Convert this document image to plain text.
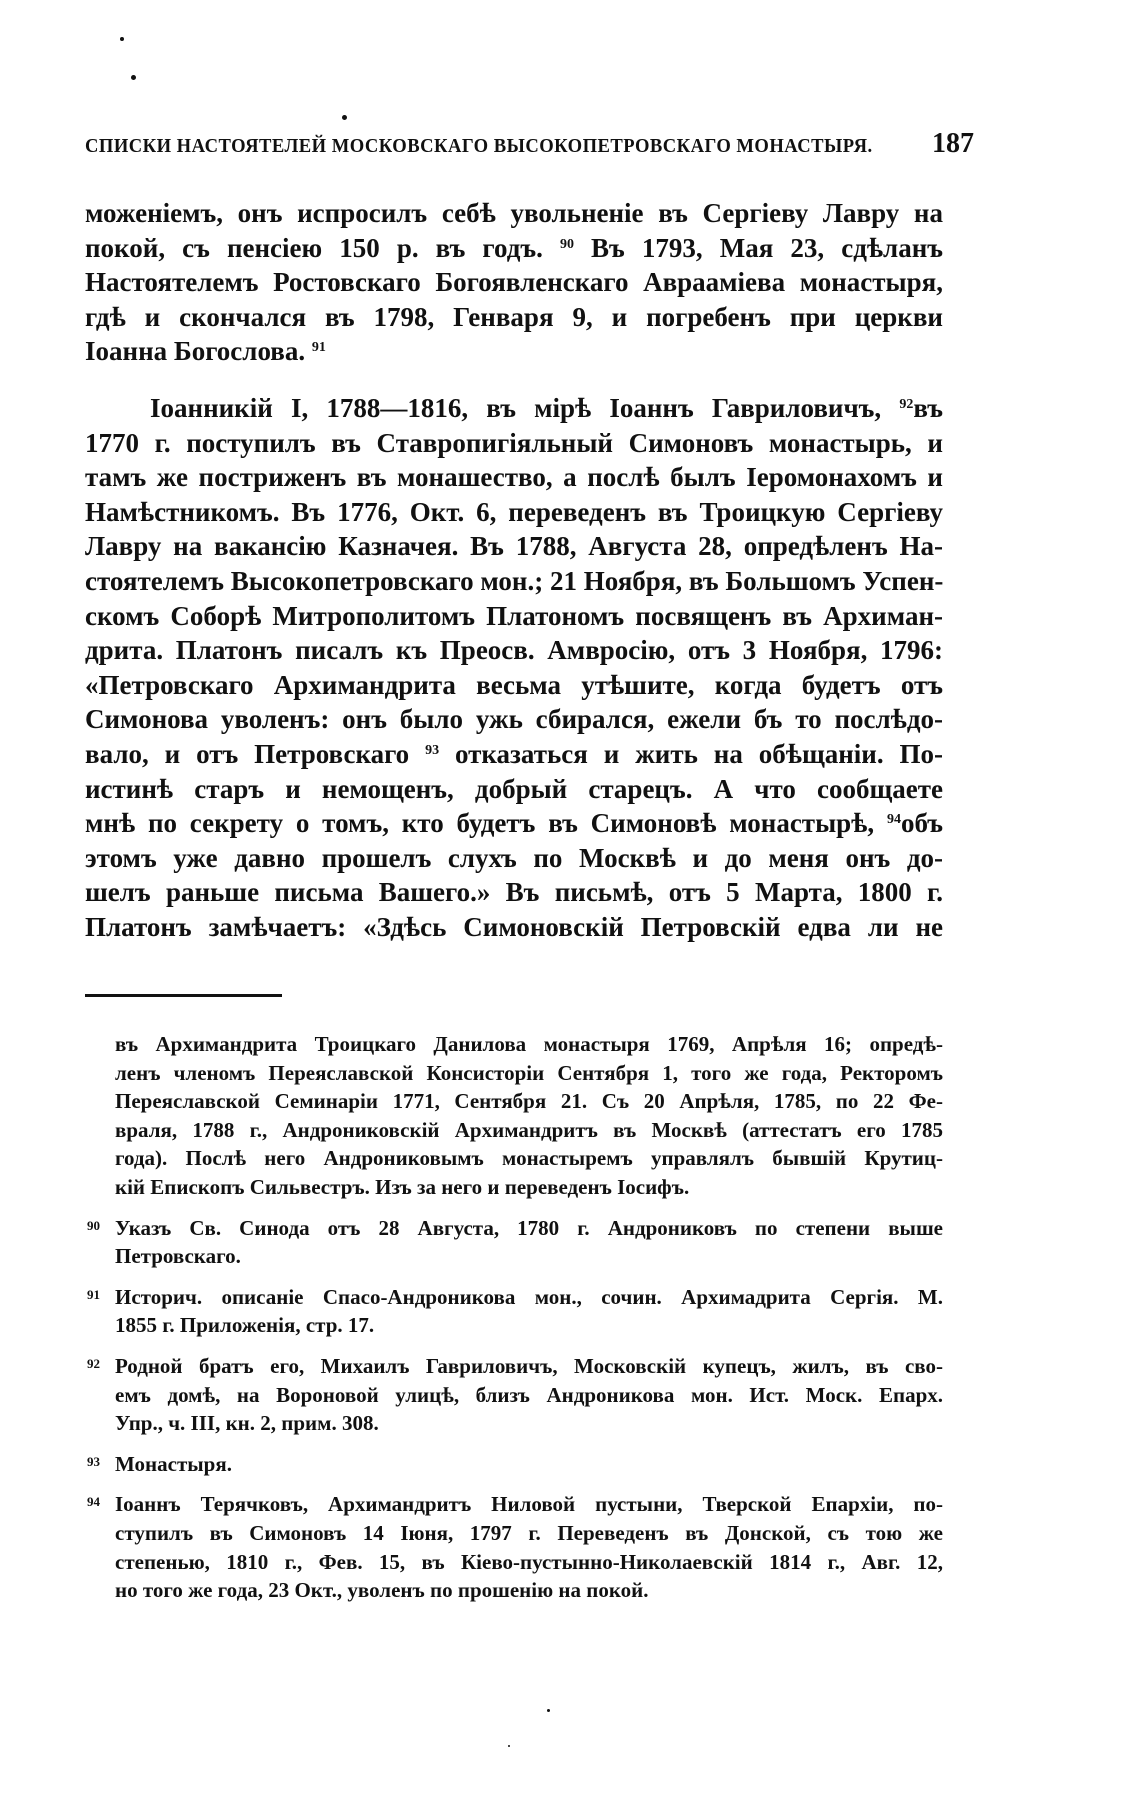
СПИСКИ НАСТОЯТЕЛЕЙ МОСКОВСКАГО ВЫСОКОПЕТРОВСКАГО МОНАСТЫРЯ. 187
моженіемъ, онъ испросилъ себѣ увольненіе въ Сергіеву Лавру на
покой, съ пенсіею 150 р. въ годъ. $^{90}$ Въ 1793, Мая 23, сдѣланъ
Настоятелемъ Ростовскаго Богоявленскаго Авраамiева монастыря,
гдѣ и скончался въ 1798, Генваря 9, и погребенъ при церкви
Іоанна Богослова. $^{91}$
Іоанникій I, 1788—1816, въ мірѣ Іоаннъ Гавриловичъ, $^{92}$въ
1770 г. поступилъ въ Ставропигіяльный Симоновъ монастырь, и
тамъ же постриженъ въ монашество, а послѣ былъ Іеромонахомъ и
Намѣстникомъ. Въ 1776, Окт. 6, переведенъ въ Троицкую Сергіеву
Лавру на вакансію Казначея. Въ 1788, Августа 28, опредѣленъ На-
стоятелемъ Высокопетровскаго мон.; 21 Ноября, въ Большомъ Успен-
скомъ Соборѣ Митрополитомъ Платономъ посвященъ въ Архиман-
дрита. Платонъ писалъ къ Преосв. Амвросію, отъ 3 Ноября, 1796:
«Петровскаго Архимандрита весьма утѣшите, когда будетъ отъ
Симонова уволенъ: онъ было ужь сбирался, ежели бъ то послѣдо-
вало, и отъ Петровскаго $^{93}$ отказаться и жить на обѣщаніи. По-
истинѣ старъ и немощенъ, добрый старецъ. А что сообщаете
мнѣ по секрету о томъ, кто будетъ въ Симоновѣ монастырѣ, $^{94}$объ
этомъ уже давно прошелъ слухъ по Москвѣ и до меня онъ до-
шелъ раньше письма Вашего.» Въ письмѣ, отъ 5 Марта, 1800 г.
Платонъ замѣчаетъ: «Здѣсь Симоновскій Петровскій едва ли не
въ Архимандрита Троицкаго Данилова монастыря 1769, Апрѣля 16; опредѣ-
ленъ членомъ Переяславской Консисторіи Сентября 1, того же года, Ректоромъ
Переяславской Семинаріи 1771, Сентября 21. Съ 20 Апрѣля, 1785, по 22 Фе-
враля, 1788 г., Андрониковскій Архимандритъ въ Москвѣ (аттестатъ его 1785
года). Послѣ него Андрониковымъ монастыремъ управлялъ бывшій Крутиц-
кій Епископъ Сильвестръ. Изъ за него и переведенъ Іосифъ.
90 Указъ Св. Синода отъ 28 Августа, 1780 г. Андрониковъ по степени выше
Петровскаго.
91 Историч. описаніе Спасо-Андроникова мон., сочин. Архимадрита Сергія. М.
1855 г. Приложенія, стр. 17.
92 Родной братъ его, Михаилъ Гавриловичъ, Московскій купецъ, жилъ, въ сво-
емъ домѣ, на Вороновой улицѣ, близъ Андроникова мон. Ист. Моск. Епарх.
Упр., ч. III, кн. 2, прим. 308.
93 Монастыря.
94 Іоаннъ Терячковъ, Архимандритъ Ниловой пустыни, Тверской Епархіи, по-
ступилъ въ Симоновъ 14 Іюня, 1797 г. Переведенъ въ Донской, съ тою же
степенью, 1810 г., Фев. 15, въ Кіево-пустынно-Николаевскій 1814 г., Авг. 12,
но того же года, 23 Окт., уволенъ по прошенію на покой.
